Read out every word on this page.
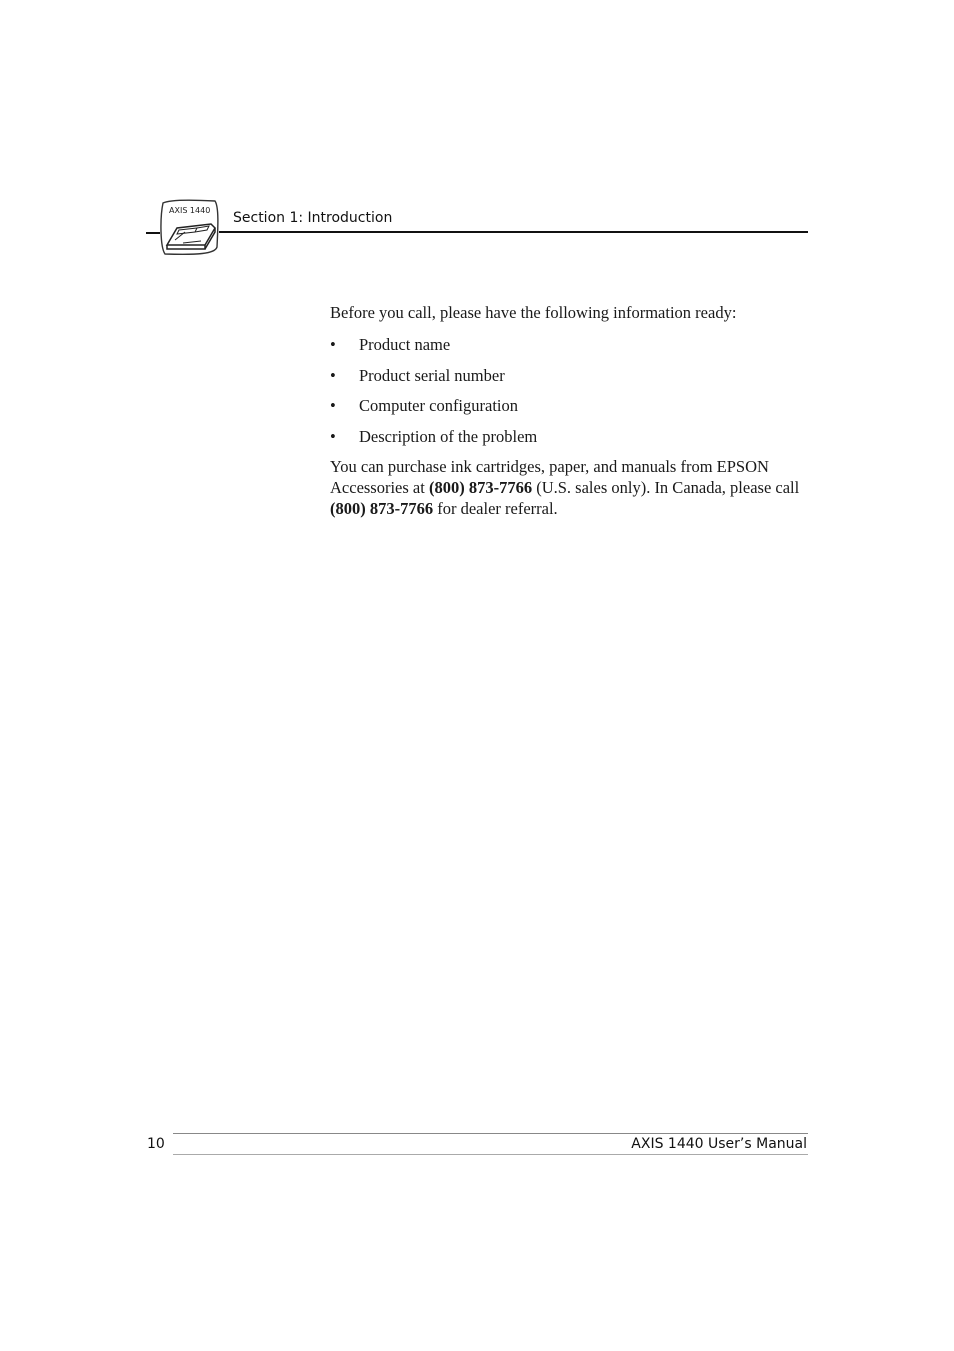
AXIS 1440 Section 1: Introduction

Before you call, please have the following information ready:

• Product name
• Product serial number
• Computer configuration
• Description of the problem

You can purchase ink cartridges, paper, and manuals from EPSON Accessories at (800) 873-7766 (U.S. sales only). In Canada, please call (800) 873-7766 for dealer referral.

10	AXIS 1440 User’s Manual
